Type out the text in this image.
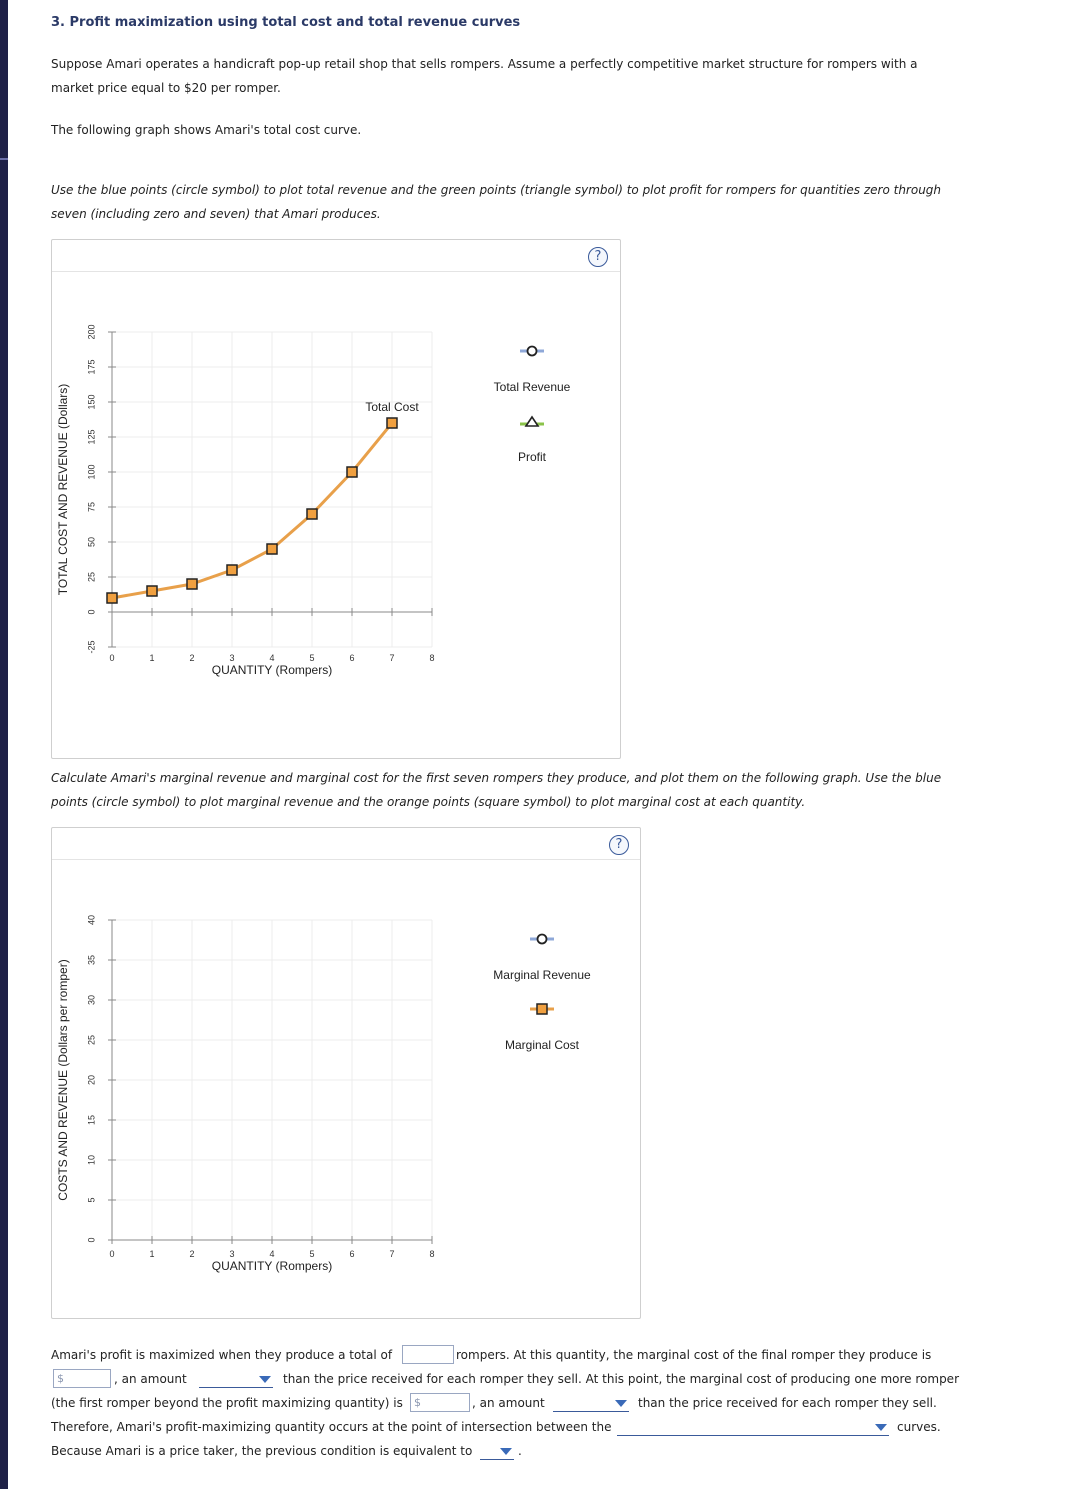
3. Profit maximization using total cost and total revenue curves
Suppose Amari operates a handicraft pop-up retail shop that sells rompers. Assume a perfectly competitive market structure for rompers with a
market price equal to $20 per romper.
The following graph shows Amari's total cost curve.
Use the blue points (circle symbol) to plot total revenue and the green points (triangle symbol) to plot profit for rompers for quantities zero through
seven (including zero and seven) that Amari produces.
?
-25
0
25
50
75
100
125
150
175
200
0	1	2	3	4	5	6	7	8
QUANTITY (Rompers)
TOTAL COST AND REVENUE (Dollars)	Total Cost
Total Revenue
Profit
Calculate Amari's marginal revenue and marginal cost for the first seven rompers they produce, and plot them on the following graph. Use the blue
points (circle symbol) to plot marginal revenue and the orange points (square symbol) to plot marginal cost at each quantity.
?
0
5
10
15
20
25
30
35
40
0	1	2	3	4	5	6	7	8
QUANTITY (Rompers)
COSTS AND REVENUE (Dollars per romper)	Marginal Revenue
Marginal Cost
Amari's profit is maximized when they produce a total of	rompers. At this quantity, the marginal cost of the final romper they produce is
$	, an amount	than the price received for each romper they sell. At this point, the marginal cost of producing one more romper
(the first romper beyond the profit maximizing quantity) is	$	, an amount	than the price received for each romper they sell.
Therefore, Amari's profit-maximizing quantity occurs at the point of intersection between the	curves.
Because Amari is a price taker, the previous condition is equivalent to	.
